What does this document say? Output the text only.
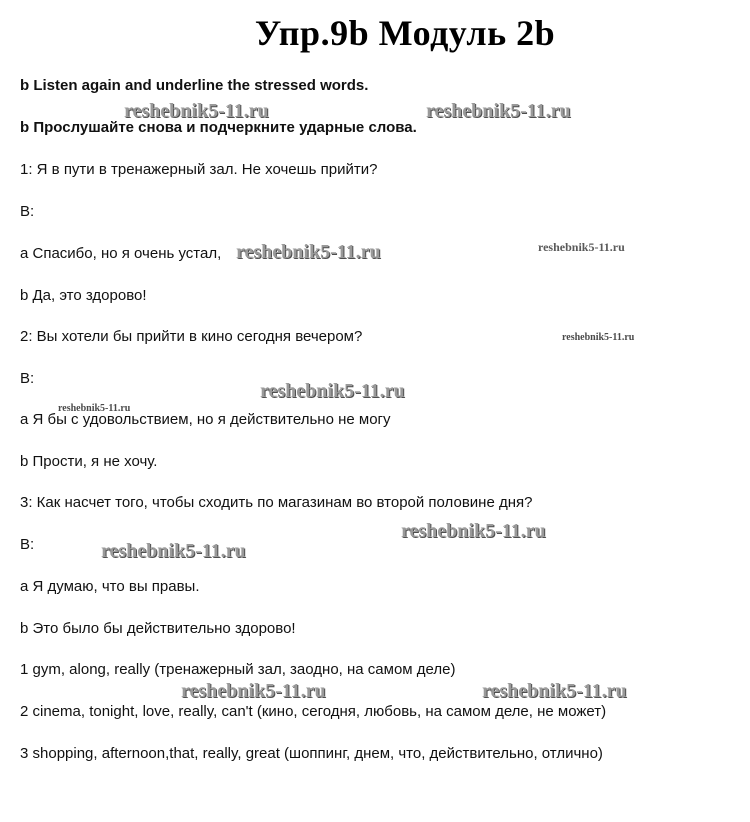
Упр.9b Модуль 2b
b Listen again and underline the stressed words.
b Прослушайте снова и подчеркните ударные слова.
1: Я в пути в тренажерный зал. Не хочешь прийти?
B:
a Спасибо, но я очень устал,
b Да, это здорово!
2: Вы хотели бы прийти в кино сегодня вечером?
B:
a Я бы с удовольствием, но я действительно не могу
b Прости, я не хочу.
3: Как насчет того, чтобы сходить по магазинам во второй половине дня?
B:
a Я думаю, что вы правы.
b Это было бы действительно здорово!
1 gym, along, really (тренажерный зал, заодно, на самом деле)
2 cinema, tonight, love, really, can't (кино, сегодня, любовь, на самом деле, не может)
3 shopping, afternoon,that, really, great (шоппинг, днем, что, действительно, отлично)
reshebnik5-11.ru	reshebnik5-11.ru
reshebnik5-11.ru	reshebnik5-11.ru
reshebnik5-11.ru
reshebnik5-11.ru
reshebnik5-11.ru
reshebnik5-11.ru
reshebnik5-11.ru
reshebnik5-11.ru	reshebnik5-11.ru
